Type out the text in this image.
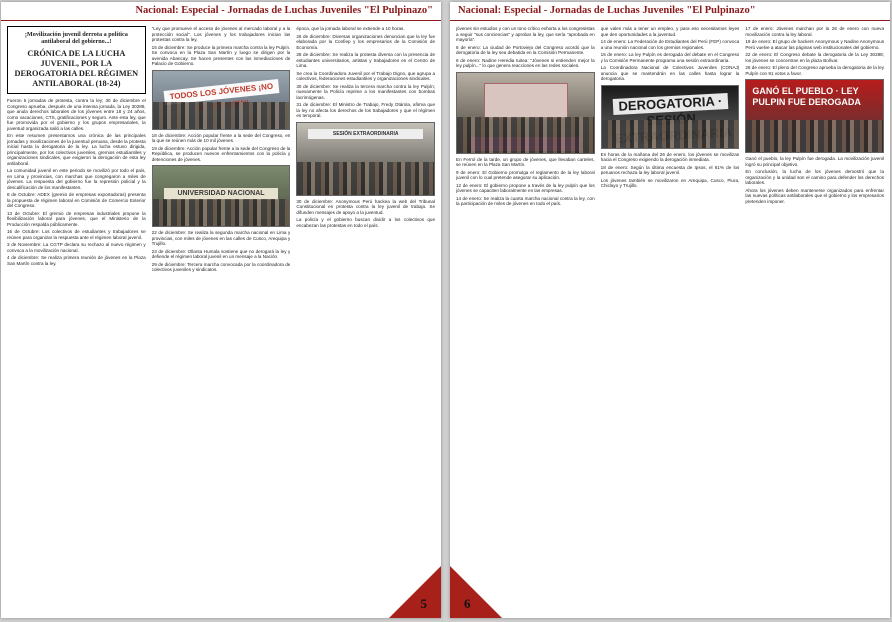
Nacional: Especial - Jornadas de Luchas Juveniles "El Pulpinazo"
¡Movilización juvenil derrota a política antilaboral del gobierno...!
CRÓNICA DE LA LUCHA JUVENIL, POR LA DEROGATORIA DEL RÉGIMEN ANTILABORAL (18-24)

Fueron 5 jornadas de protesta, contra la ley; 30 de diciembre el Congreso aprueba, después de una intensa jornada, la Ley 30288, que anula derechos laborales de los jóvenes entre 18 y 24 años, como vacaciones, CTS, gratificaciones y seguro. Ante esta ley, que fue promovida por el gobierno y los grupos empresariales, la juventud organizada salió a las calles.

En este resumen presentamos una crónica de las principales jornadas y movilizaciones de la juventud peruana, desde la protesta inicial hasta la derogatoria de la ley. La lucha estuvo dirigida, principalmente, por los colectivos juveniles, gremios estudiantiles y organizaciones sindicales, que exigieron la derogación de esta ley antilaboral.

La comunidad juvenil en este periodo se movilizó por todo el país, en Lima y provincias, con marchas que congregaron a miles de jóvenes. La respuesta del gobierno fue la represión policial y la descalificación de los manifestantes.

8 de Octubre: ADEX (gremio de empresas exportadoras) presenta la propuesta de régimen laboral en Comisión de Comercio Exterior del Congreso.

13 de Octubre: El gremio de empresas industriales propone la flexibilización laboral para jóvenes, que el Ministerio de la Producción respalda públicamente.

16 de Octubre: Los colectivos de estudiantes y trabajadores se reúnen para organizar la respuesta ante el régimen laboral juvenil.

3 de Noviembre: La CGTP declara su rechazo al nuevo régimen y convoca a la movilización nacional.

4 de diciembre: Se realiza primera reunión de jóvenes en la Plaza San Martín contra la ley.

"Ley que promueve el acceso de jóvenes al mercado laboral y a la protección social". Los jóvenes y los trabajadores inician las protestas contra la ley.

15 de diciembre: Se produce la primera marcha contra la ley Pulpín. Se convoca en la Plaza San Martín y luego se dirigen por la avenida Abancay. Se hacen presentes con las inmediaciones de Palacio de Gobierno.

TODOS LOS JÓVENES ¡NO

18 de diciembre: Acción popular frente a la sede del Congreso, en la que se reúnen más de 10 mil jóvenes.

19 de diciembre: Acción popular frente a la sede del Congreso de la República, se producen nuevos enfrentamientos con la policía y detenciones de jóvenes.

UNIVERSIDAD NACIONAL

22 de diciembre: Se realiza la segunda marcha nacional en Lima y provincias, con miles de jóvenes en las calles de Cusco, Arequipa y Trujillo.

23 de diciembre: Ollanta Humala sostiene que no derogará la ley y defiende el régimen laboral juvenil en un mensaje a la Nación.

29 de diciembre: Tercera marcha convocada por la coordinadora de colectivos juveniles y sindicatos.

época, que la jornada laboral se extiende a 10 horas.

26 de diciembre: Diversas organizaciones denuncian que la ley fue elaborada por la Confiep y los empresarios de la Comisión de Economía.

28 de diciembre: Se realiza la protesta diversa con la presencia de estudiantes universitarios, artistas y trabajadores en el Centro de Lima.

Se crea la Coordinadora Juvenil por el Trabajo Digno, que agrupa a colectivos, federaciones estudiantiles y organizaciones sindicales.

30 de diciembre: Se realiza la tercera marcha contra la ley Pulpín; nuevamente la Policía reprime a los manifestantes con bombas lacrimógenas.

31 de diciembre: El Ministro de Trabajo, Fredy Otárola, afirma que la ley no afecta los derechos de los trabajadores y que el régimen es temporal.

SESIÓN EXTRAORDINARIA

30 de diciembre: Anonymous Perú hackea la web del Tribunal Constitucional en protesta contra la ley juvenil de trabajo. Se difunden mensajes de apoyo a la juventud.

La policía y el gobierno buscan dividir a los colectivos que encabezan las protestas en todo el país.

5
Nacional: Especial - Jornadas de Luchas Juveniles "El Pulpinazo"

jóvenes sin estudios y con un tono crítico exhorta a los congresistas a seguir "sus conciencias" y aprobar la ley, que sería "aprobada en mayoría".

6 de enero: La ciudad de Portoviejo del Congreso acordó que la derogatoria de la ley sea debatida en la Comisión Permanente.

8 de enero: Nadine Heredia tuitea: "Jóvenes si entienden mejor la ley pulpín..." lo que genera reacciones en las redes sociales.

En Ferrol de la tarde, un grupo de jóvenes, que llevaban carteles, se reúnen en la Plaza San Martín.

9 de enero: El Gobierno promulga el reglamento de la ley laboral juvenil con lo cual pretende asegurar su aplicación.

12 de enero: El gobierno propone a través de la ley pulpín que los jóvenes se capaciten laboralmente en las empresas.

14 de enero: Se realiza la cuarta marcha nacional contra la ley, con la participación de miles de jóvenes en todo el país.

que valen más a tener un empleo, y para eso necesitamos leyes que den oportunidades a la juventud.

14 de enero: La Federación de Estudiantes del Perú (FEP) convoca a una reunión nacional con los gremios regionales.

15 de enero: La ley Pulpín es derogada del debate en el Congreso y la Comisión Permanente programa una sesión extraordinaria.

La Coordinadora Nacional de Colectivos Juveniles (CONAJ) anuncia que se mantendrán en las calles hasta lograr la derogatoria.

DEROGATORIA ·

En horas de la mañana del 26 de enero, los jóvenes se movilizan hacia el Congreso exigiendo la derogación inmediata.

18 de enero: Según la última encuesta de Ipsos, el 61% de los peruanos rechaza la ley laboral juvenil.

Los jóvenes también se movilizaron en Arequipa, Cusco, Piura, Chiclayo y Trujillo.

17 de enero: Jóvenes marchan por la 26 de enero con nueva movilización contra la ley laboral.

19 de enero: El grupo de hackers Anonymous y Nadine Anonymous Perú vuelve a atacar las páginas web institucionales del gobierno.

22 de enero: El Congreso debate la derogatoria de la Ley 30288; los jóvenes se concentran en la plaza Bolívar.

26 de enero: El pleno del Congreso aprueba la derogatoria de la ley Pulpín con 91 votos a favor.

GANÓ EL PUEBLO · LEY PULPIN FUE DEROGADA

Ganó el pueblo, la ley Pulpín fue derogada. La movilización juvenil logró su principal objetivo.

En conclusión, la lucha de los jóvenes demostró que la organización y la unidad son el camino para defender los derechos laborales.

Ahora los jóvenes deben mantenerse organizados para enfrentar las nuevas políticas antilaborales que el gobierno y los empresarios pretenden imponer.

6
